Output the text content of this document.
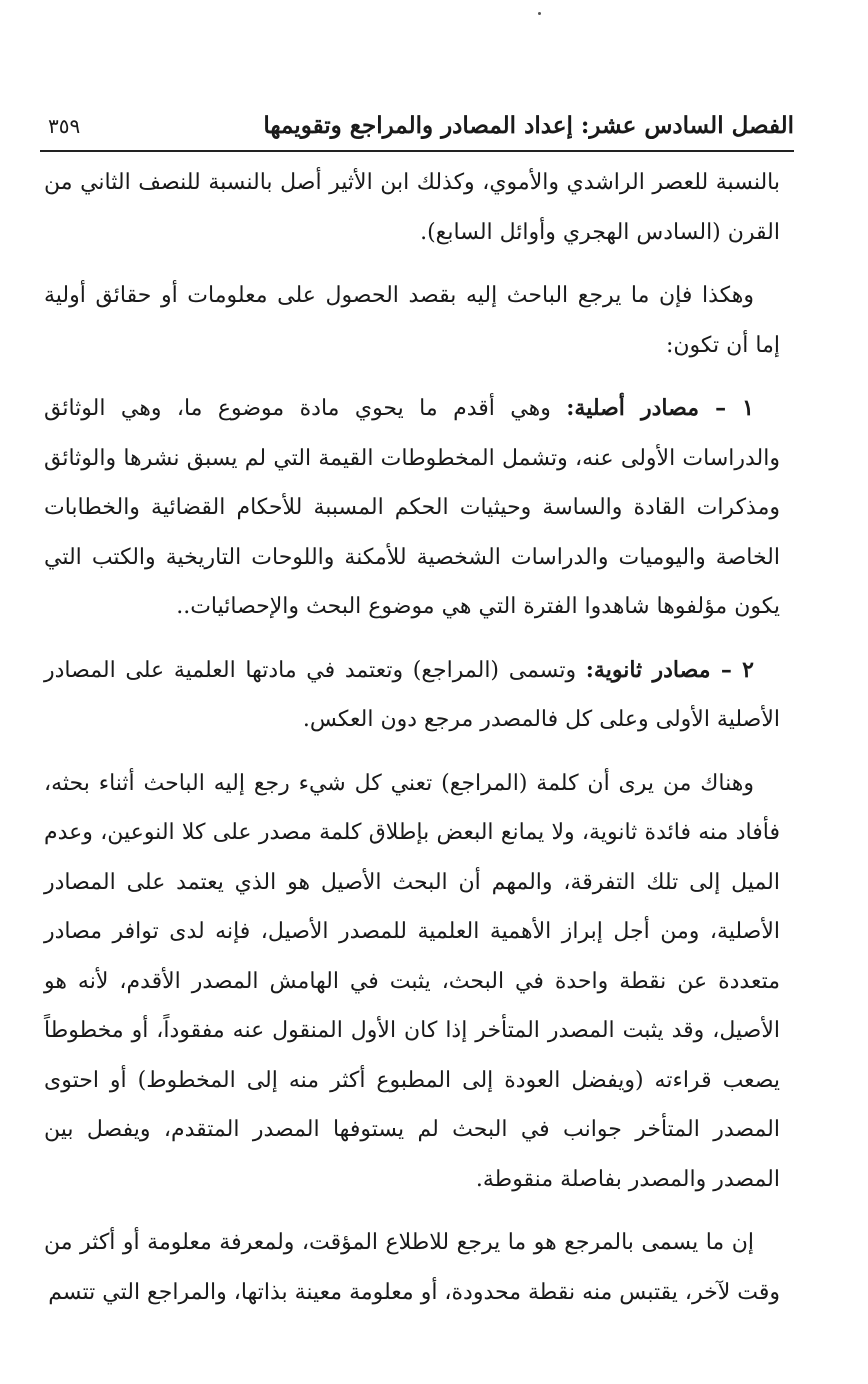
الفصل السادس عشر: إعداد المصادر والمراجع وتقويمها
٣٥٩

بالنسبة للعصر الراشدي والأموي، وكذلك ابن الأثير أصل بالنسبة للنصف الثاني من القرن (السادس الهجري وأوائل السابع).

وهكذا فإن ما يرجع الباحث إليه بقصد الحصول على معلومات أو حقائق أولية إما أن تكون:

١ – مصادر أصلية: وهي أقدم ما يحوي مادة موضوع ما، وهي الوثائق والدراسات الأولى عنه، وتشمل المخطوطات القيمة التي لم يسبق نشرها والوثائق ومذكرات القادة والساسة وحيثيات الحكم المسببة للأحكام القضائية والخطابات الخاصة واليوميات والدراسات الشخصية للأمكنة واللوحات التاريخية والكتب التي يكون مؤلفوها شاهدوا الفترة التي هي موضوع البحث والإحصائيات..

٢ – مصادر ثانوية: وتسمى (المراجع) وتعتمد في مادتها العلمية على المصادر الأصلية الأولى وعلى كل فالمصدر مرجع دون العكس.

وهناك من يرى أن كلمة (المراجع) تعني كل شيء رجع إليه الباحث أثناء بحثه، فأفاد منه فائدة ثانوية، ولا يمانع البعض بإطلاق كلمة مصدر على كلا النوعين، وعدم الميل إلى تلك التفرقة، والمهم أن البحث الأصيل هو الذي يعتمد على المصادر الأصلية، ومن أجل إبراز الأهمية العلمية للمصدر الأصيل، فإنه لدى توافر مصادر متعددة عن نقطة واحدة في البحث، يثبت في الهامش المصدر الأقدم، لأنه هو الأصيل، وقد يثبت المصدر المتأخر إذا كان الأول المنقول عنه مفقوداً، أو مخطوطاً يصعب قراءته (ويفضل العودة إلى المطبوع أكثر منه إلى المخطوط) أو احتوى المصدر المتأخر جوانب في البحث لم يستوفها المصدر المتقدم، ويفصل بين المصدر والمصدر بفاصلة منقوطة.

إن ما يسمى بالمرجع هو ما يرجع للاطلاع المؤقت، ولمعرفة معلومة أو أكثر من وقت لآخر، يقتبس منه نقطة محدودة، أو معلومة معينة بذاتها، والمراجع التي تتسم
